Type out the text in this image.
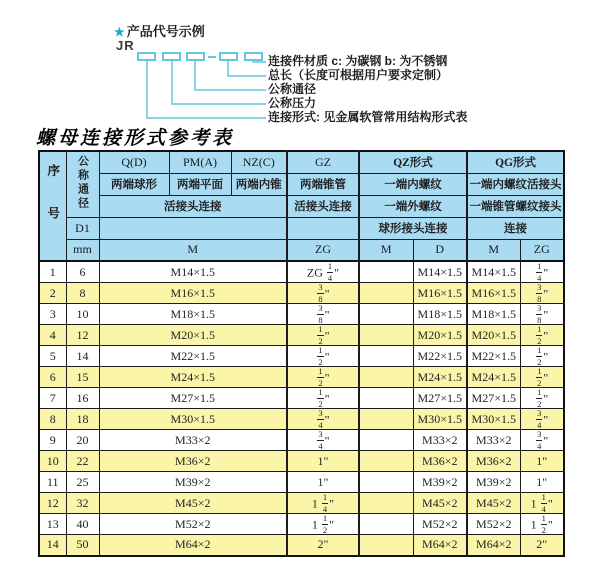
★ 产品代号示例
JR
连接件材质 c: 为碳钢 b: 为不锈钢
总长（长度可根据用户要求定制）
公称通径
公称压力
连接形式: 见金属软管常用结构形式表
螺母连接形式参考表
序号	公称通径	Q(D)	PM(A)	NZ(C)	GZ	QZ形式		QG形式	
		两端球形	两端平面	两端内锥	两端锥管	一端内螺纹		一端内螺纹活接头	
		活接头连接			活接头连接	一端外螺纹		一端锥管螺纹接头	
	D1					球形接头连接		连接	
	mm	M			ZG	M	D	M	ZG
1	6	M14×1.5			ZG $\frac{1}{4}$ "		M14×1.5	M14×1.5	$\frac{1}{4}$ "
2	8	M16×1.5			$\frac{3}{8}$ "		M16×1.5	M16×1.5	$\frac{3}{8}$ "
3	10	M18×1.5			$\frac{3}{8}$ "		M18×1.5	M18×1.5	$\frac{3}{8}$ "
4	12	M20×1.5			$\frac{1}{2}$ "		M20×1.5	M20×1.5	$\frac{1}{2}$ "
5	14	M22×1.5			$\frac{1}{2}$ "		M22×1.5	M22×1.5	$\frac{1}{2}$ "
6	15	M24×1.5			$\frac{1}{2}$ "		M24×1.5	M24×1.5	$\frac{1}{2}$ "
7	16	M27×1.5			$\frac{1}{2}$ "		M27×1.5	M27×1.5	$\frac{1}{2}$ "
8	18	M30×1.5			$\frac{3}{4}$ "		M30×1.5	M30×1.5	$\frac{3}{4}$ "
9	20	M33×2			$\frac{3}{4}$ "		M33×2	M33×2	$\frac{3}{4}$ "
10	22	M36×2			1"		M36×2	M36×2	1"
11	25	M39×2			1"		M39×2	M39×2	1"
12	32	M45×2			$1 \frac{1}{4}$ "		M45×2	M45×2	$1 \frac{1}{4}$ "
13	40	M52×2			$1 \frac{1}{2}$ "		M52×2	M52×2	$1 \frac{1}{2}$ "
14	50	M64×2			2"		M64×2	M64×2	2"
